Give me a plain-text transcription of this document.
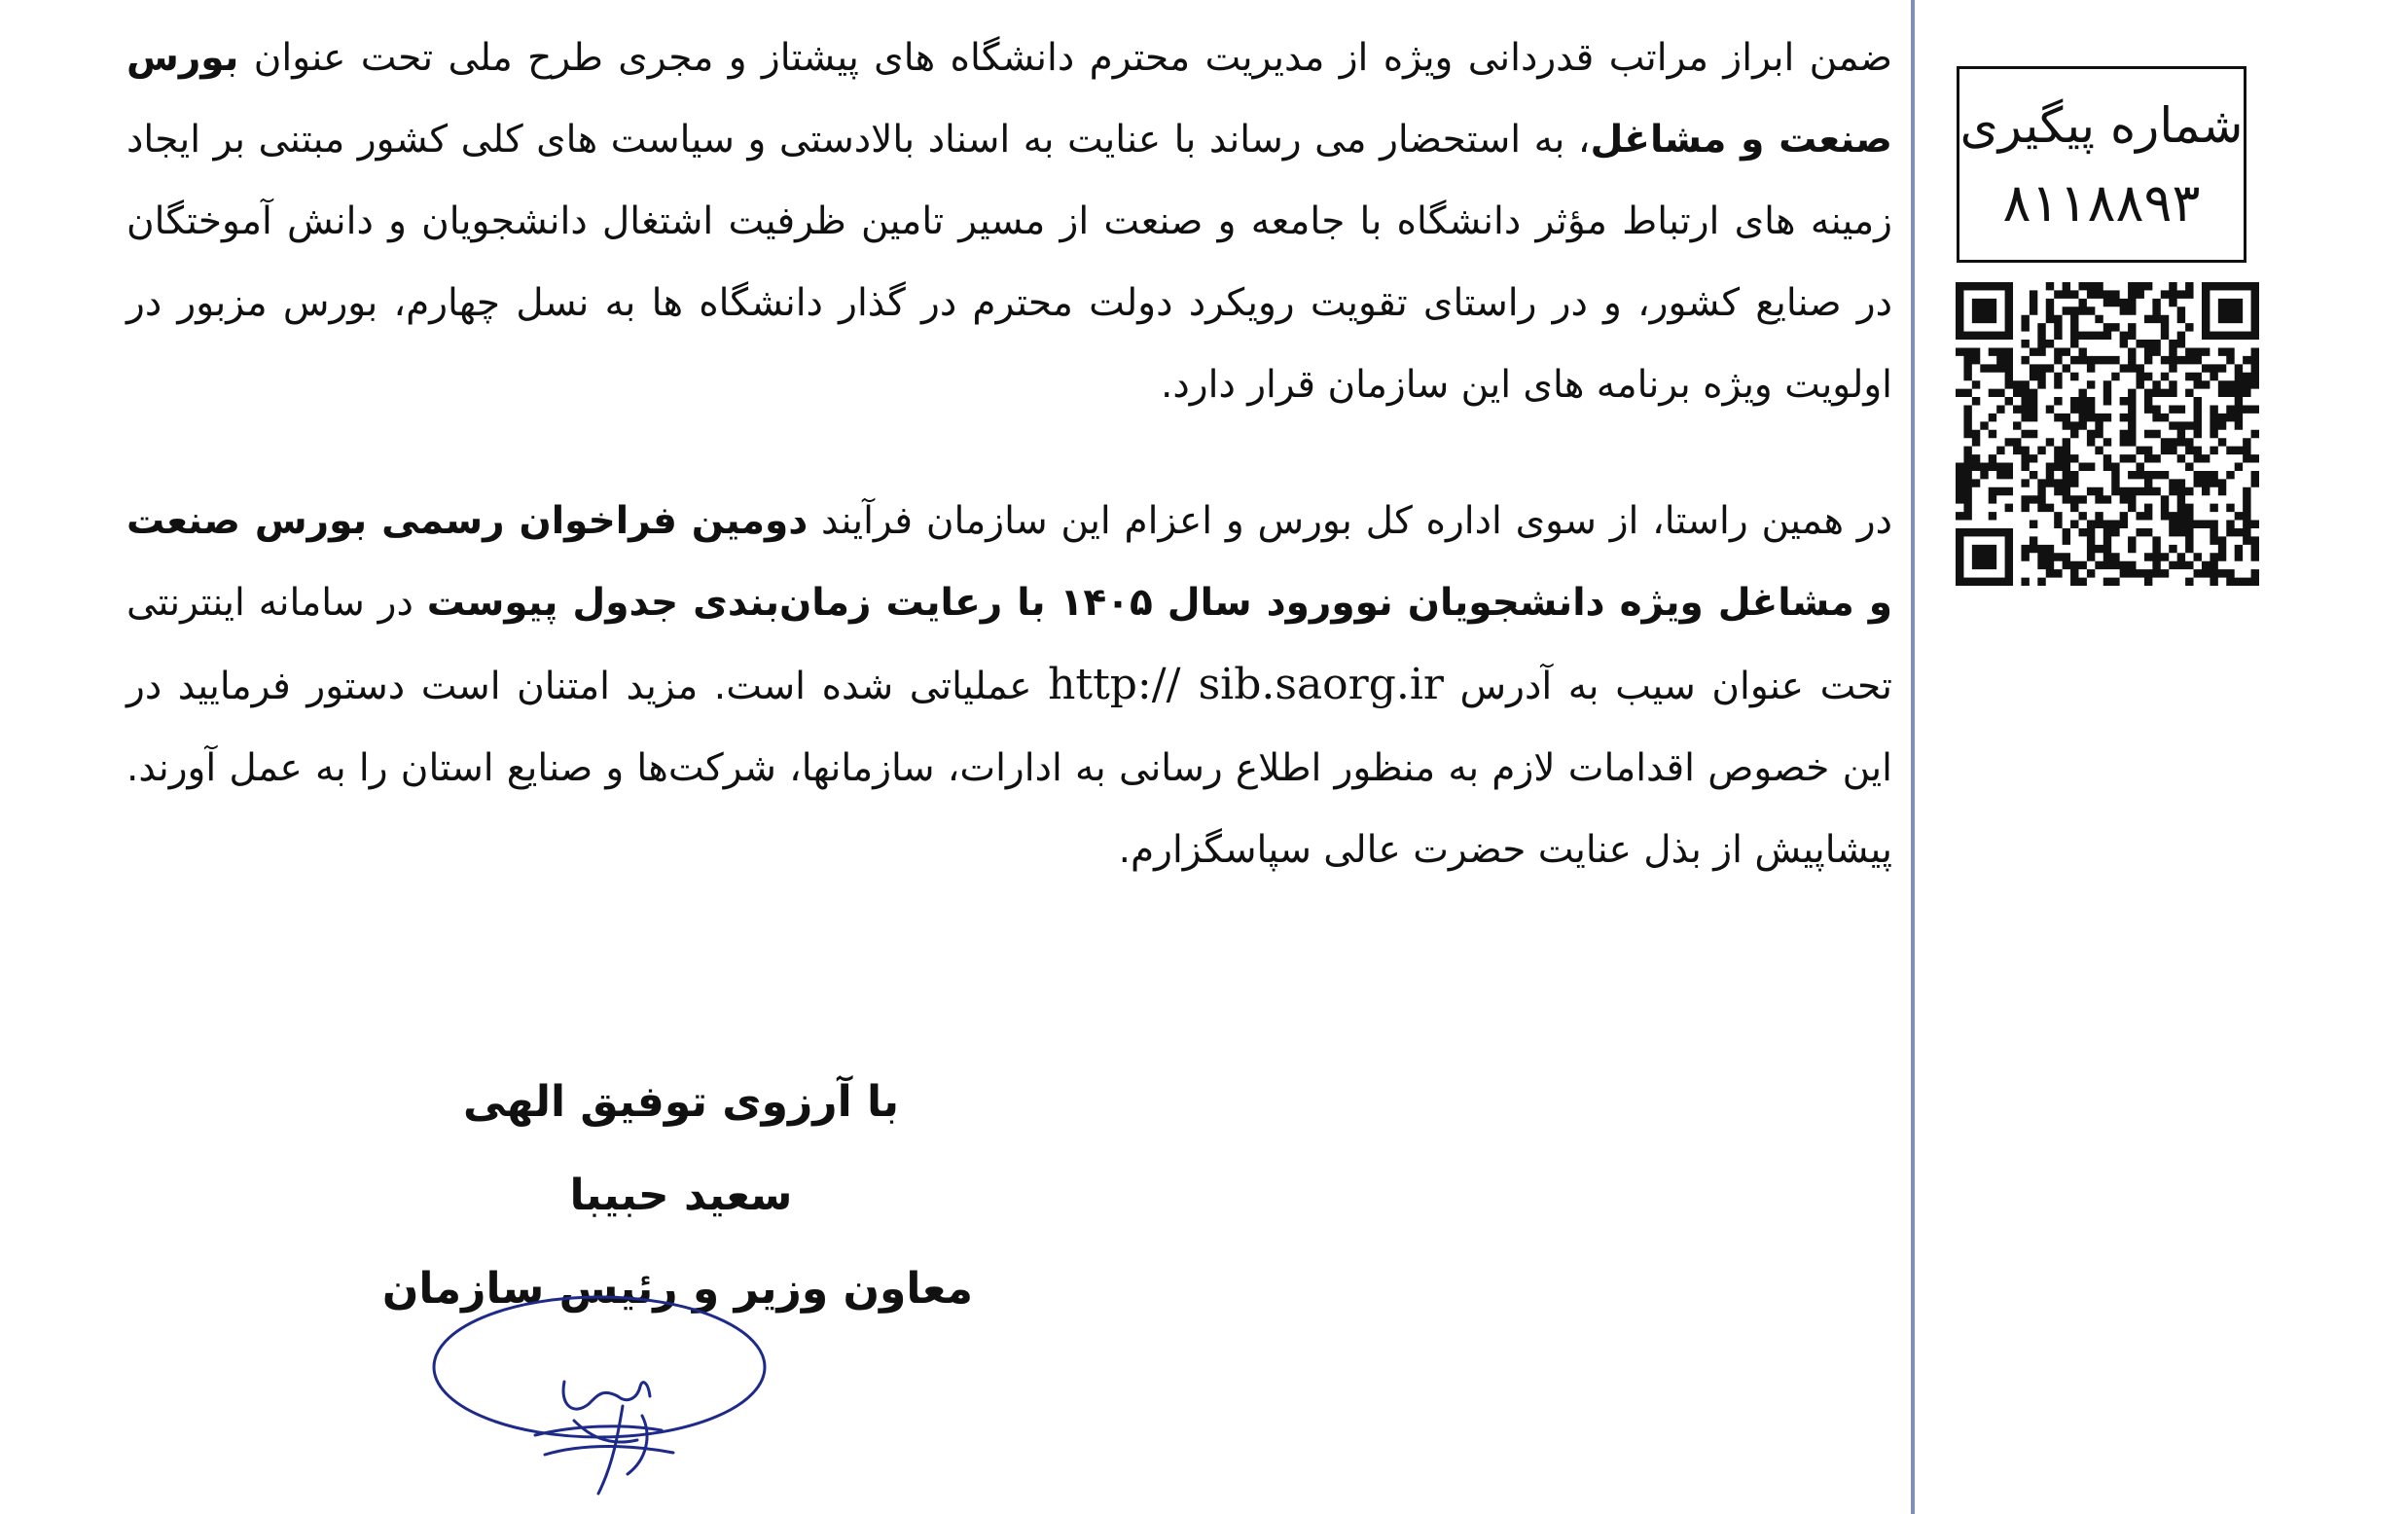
شماره پیگیری
۸۱۱۸۸۹۳

ضمن ابراز مراتب قدردانی ویژه از مدیریت محترم دانشگاه های پیشتاز و مجری طرح ملی تحت عنوان بورس صنعت و مشاغل، به استحضار می رساند با عنایت به اسناد بالادستی و سیاست های کلی کشور مبتنی بر ایجاد زمینه های ارتباط مؤثر دانشگاه با جامعه و صنعت از مسیر تامین ظرفیت اشتغال دانشجویان و دانش آموختگان در صنایع کشور، و در راستای تقویت رویکرد دولت محترم در گذار دانشگاه ها به نسل چهارم، بورس مزبور در اولویت ویژه برنامه های این سازمان قرار دارد.

در همین راستا، از سوی اداره کل بورس و اعزام این سازمان فرآیند دومین فراخوان رسمی بورس صنعت و مشاغل ویژه دانشجویان نوورود سال ۱۴۰۵ با رعایت زمان‌بندی جدول پیوست در سامانه اینترنتی تحت عنوان سیب به آدرس http:// sib.saorg.ir عملیاتی شده است. مزید امتنان است دستور فرمایید در این خصوص اقدامات لازم به منظور اطلاع رسانی به ادارات، سازمانها، شرکت‌ها و صنایع استان را به عمل آورند. پیشاپیش از بذل عنایت حضرت عالی سپاسگزارم.

با آرزوی توفیق الهی
سعید حبیبا
معاون وزیر و رئیس سازمان
